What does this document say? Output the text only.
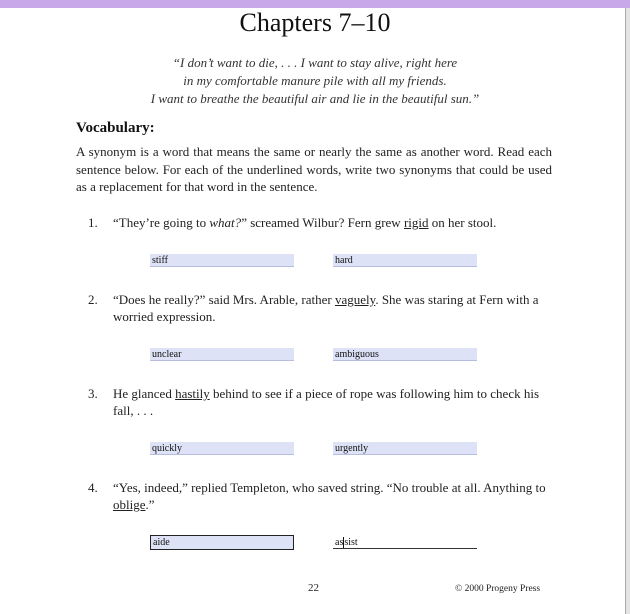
Chapters 7–10
“I don’t want to die, . . . I want to stay alive, right here
in my comfortable manure pile with all my friends.
I want to breathe the beautiful air and lie in the beautiful sun.”
Vocabulary:
A synonym is a word that means the same or nearly the same as another word. Read each sentence below. For each of the underlined words, write two synonyms that could be used as a replacement for that word in the sentence.
1.	“They’re going to what?” screamed Wilbur? Fern grew rigid on her stool.
stiff	hard
2.	“Does he really?” said Mrs. Arable, rather vaguely. She was staring at Fern with a worried expression.
unclear	ambiguous
3.	He glanced hastily behind to see if a piece of rope was following him to check his fall, . . .
quickly	urgently
4.	“Yes, indeed,” replied Templeton, who saved string. “No trouble at all. Anything to oblige.”
aide	assist
22	© 2000 Progeny Press
